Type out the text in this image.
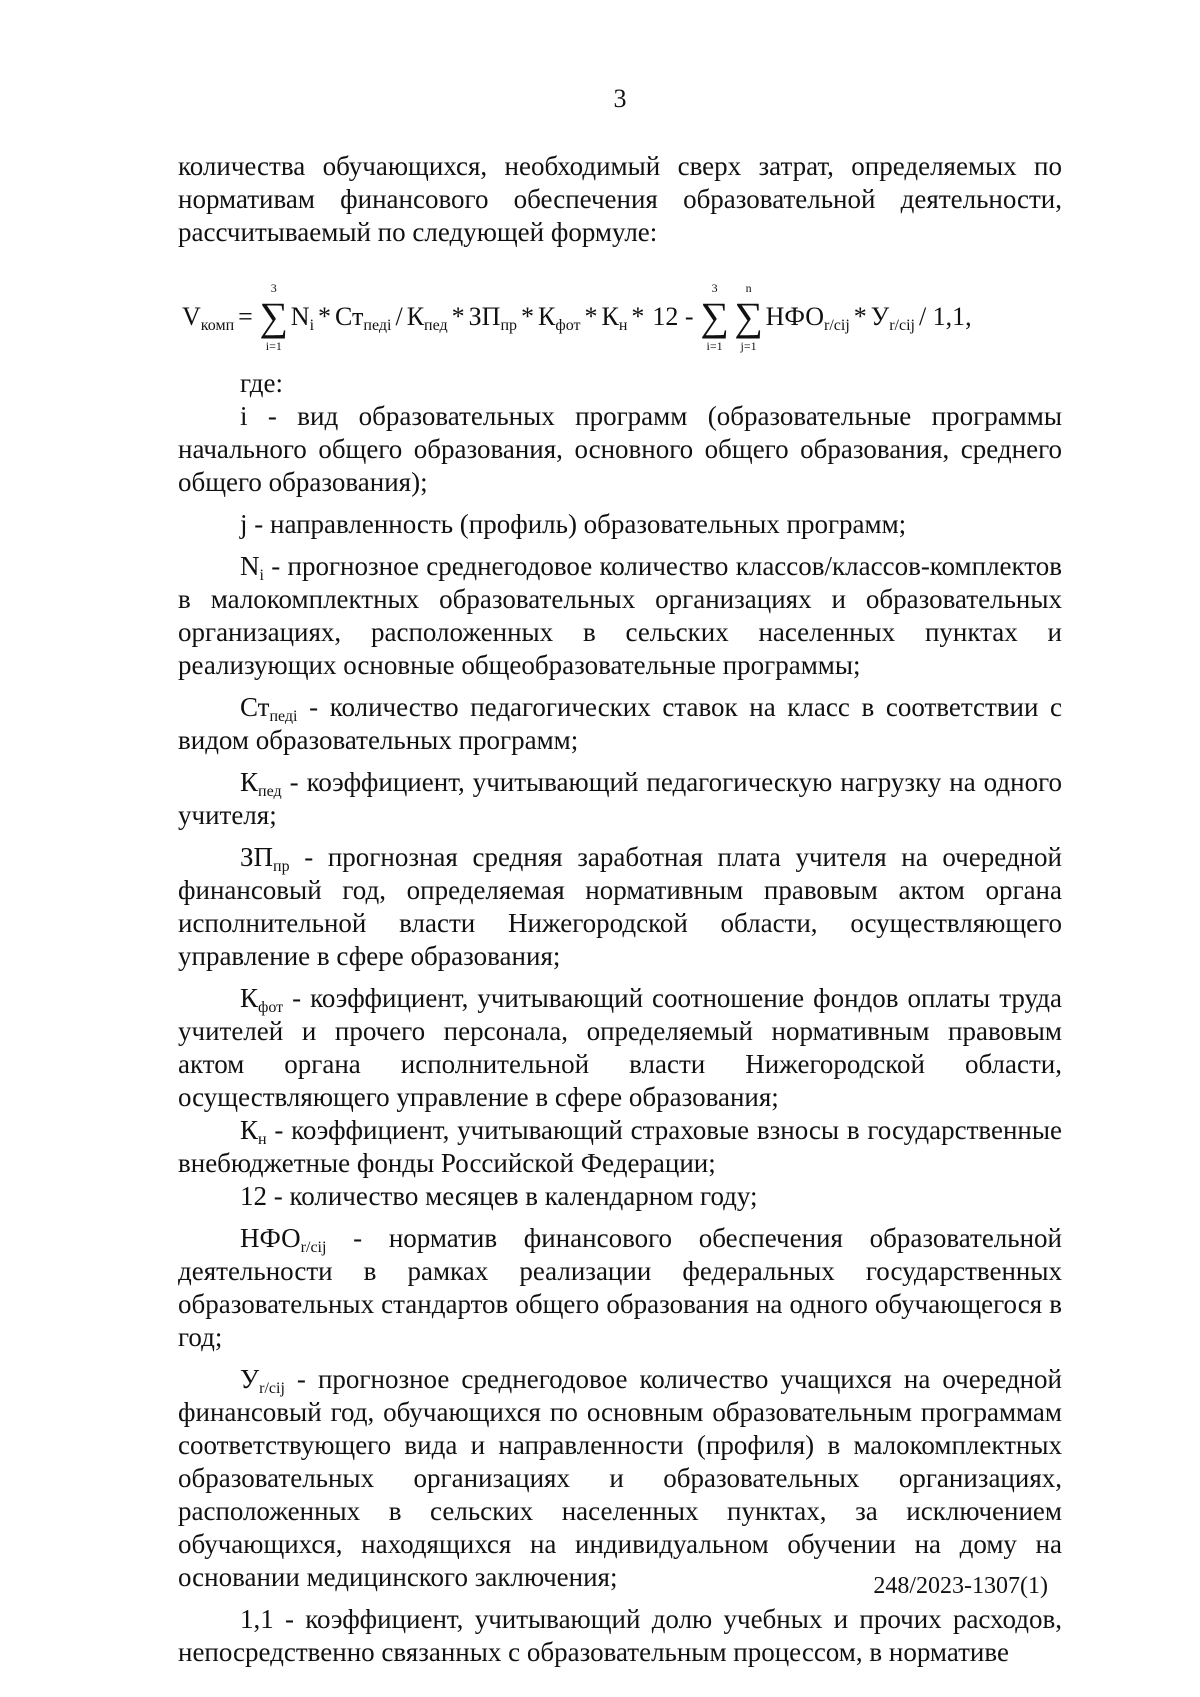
3

количества обучающихся, необходимый сверх затрат, определяемых по нормативам финансового обеспечения образовательной деятельности, рассчитываемый по следующей формуле:

$V_{комп}$ =
3
∑
i=1
$N_i * Ст_{педi} / К_{пед} * ЗП_{пр} * К_{фот} * К_н * 12$ -
3
∑
i=1
n
∑
j=1
$НФО_{r/cij} * У_{r/cij} / 1,1$,

где:

i - вид образовательных программ (образовательные программы начального общего образования, основного общего образования, среднего общего образования);

j - направленность (профиль) образовательных программ;

$N_i$ - прогнозное среднегодовое количество классов/классов-комплектов в малокомплектных образовательных организациях и образовательных организациях, расположенных в сельских населенных пунктах и реализующих основные общеобразовательные программы;

$Ст_{педi}$ - количество педагогических ставок на класс в соответствии с видом образовательных программ;

$К_{пед}$ - коэффициент, учитывающий педагогическую нагрузку на одного учителя;

$ЗП_{пр}$ - прогнозная средняя заработная плата учителя на очередной финансовый год, определяемая нормативным правовым актом органа исполнительной власти Нижегородской области, осуществляющего управление в сфере образования;

$К_{фот}$ - коэффициент, учитывающий соотношение фондов оплаты труда учителей и прочего персонала, определяемый нормативным правовым актом органа исполнительной власти Нижегородской области, осуществляющего управление в сфере образования;

$К_н$ - коэффициент, учитывающий страховые взносы в государственные внебюджетные фонды Российской Федерации;

12 - количество месяцев в календарном году;

$НФО_{r/cij}$ - норматив финансового обеспечения образовательной деятельности в рамках реализации федеральных государственных образовательных стандартов общего образования на одного обучающегося в год;

$У_{r/cij}$ - прогнозное среднегодовое количество учащихся на очередной финансовый год, обучающихся по основным образовательным программам соответствующего вида и направленности (профиля) в малокомплектных образовательных организациях и образовательных организациях, расположенных в сельских населенных пунктах, за исключением обучающихся, находящихся на индивидуальном обучении на дому на основании медицинского заключения;

1,1 - коэффициент, учитывающий долю учебных и прочих расходов, непосредственно связанных с образовательным процессом, в нормативе

248/2023-1307(1)
